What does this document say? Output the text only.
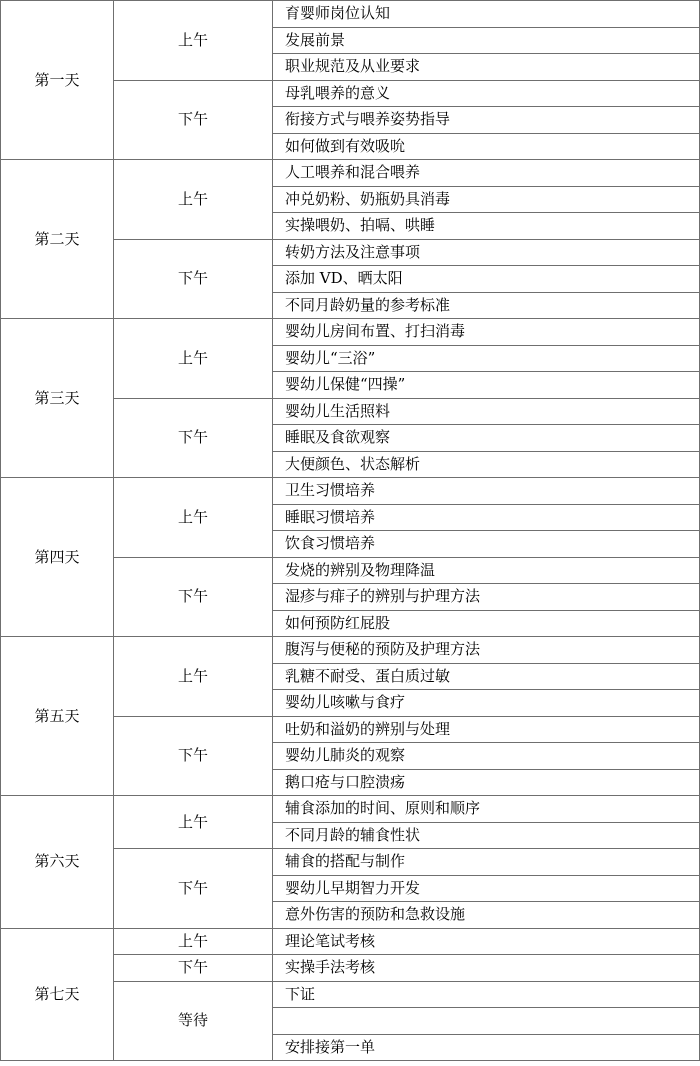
第一天	上午	育婴师岗位认知
		发展前景
		职业规范及从业要求
	下午	母乳喂养的意义
		衔接方式与喂养姿势指导
		如何做到有效吸吮
第二天	上午	人工喂养和混合喂养
		冲兑奶粉、奶瓶奶具消毒
		实操喂奶、拍嗝、哄睡
	下午	转奶方法及注意事项
		添加 VD、晒太阳
		不同月龄奶量的参考标准
第三天	上午	婴幼儿房间布置、打扫消毒
		婴幼儿“三浴”
		婴幼儿保健“四操”
	下午	婴幼儿生活照料
		睡眠及食欲观察
		大便颜色、状态解析
第四天	上午	卫生习惯培养
		睡眠习惯培养
		饮食习惯培养
	下午	发烧的辨别及物理降温
		湿疹与痱子的辨别与护理方法
		如何预防红屁股
第五天	上午	腹泻与便秘的预防及护理方法
		乳糖不耐受、蛋白质过敏
		婴幼儿咳嗽与食疗
	下午	吐奶和溢奶的辨别与处理
		婴幼儿肺炎的观察
		鹅口疮与口腔溃疡
第六天	上午	辅食添加的时间、原则和顺序
		不同月龄的辅食性状
	下午	辅食的搭配与制作
		婴幼儿早期智力开发
		意外伤害的预防和急救设施
第七天	上午	理论笔试考核
	下午	实操手法考核
	等待	下证

		安排接第一单
